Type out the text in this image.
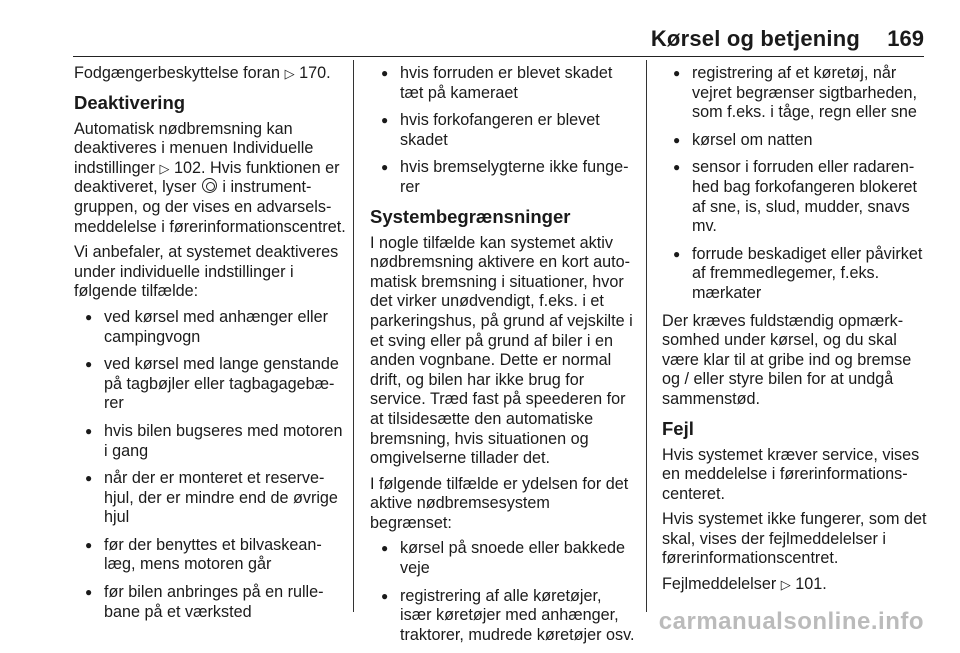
Kørsel og betjening 169

Fodgængerbeskyttelse foran ▷ 170.

Deaktivering

Automatisk nødbremsning kan deaktiveres i menuen Individuelle indstillinger ▷ 102. Hvis funktionen er deaktiveret, lyser i instrumentgruppen, og der vises en advarselsmeddelelse i førerinformationscentret.

Vi anbefaler, at systemet deaktiveres under individuelle indstillinger i følgende tilfælde:

● ved kørsel med anhænger eller campingvogn
● ved kørsel med lange genstande på tagbøjler eller tagbagagebærer
● hvis bilen bugseres med motoren i gang
● når der er monteret et reservehjul, der er mindre end de øvrige hjul
● før der benyttes et bilvaskeanlæg, mens motoren går
● før bilen anbringes på en rullebane på et værksted
● hvis forruden er blevet skadet tæt på kameraet
● hvis forkofangeren er blevet skadet
● hvis bremselygterne ikke fungerer
Systembegrænsninger

I nogle tilfælde kan systemet aktiv nødbremsning aktivere en kort automatisk bremsning i situationer, hvor det virker unødvendigt, f.eks. i et parkeringshus, på grund af vejskilte i et sving eller på grund af biler i en anden vognbane. Dette er normal drift, og bilen har ikke brug for service. Træd fast på speederen for at tilsidesætte den automatiske bremsning, hvis situationen og omgivelserne tillader det.

I følgende tilfælde er ydelsen for det aktive nødbremsesystem begrænset:

● kørsel på snoede eller bakkede veje
● registrering af alle køretøjer, især køretøjer med anhænger, traktorer, mudrede køretøjer osv.
● registrering af et køretøj, når vejret begrænser sigtbarheden, som f.eks. i tåge, regn eller sne
● kørsel om natten
● sensor i forruden eller radarenhed bag forkofangeren blokeret af sne, is, slud, mudder, snavs mv.
● forrude beskadiget eller påvirket af fremmedlegemer, f.eks. mærkater

Der kræves fuldstændig opmærksomhed under kørsel, og du skal være klar til at gribe ind og bremse og / eller styre bilen for at undgå sammenstød.

Fejl

Hvis systemet kræver service, vises en meddelelse i førerinformationscenteret.

Hvis systemet ikke fungerer, som det skal, vises der fejlmeddelelser i førerinformationscentret.

Fejlmeddelelser ▷ 101.

carmanualsonline.info
